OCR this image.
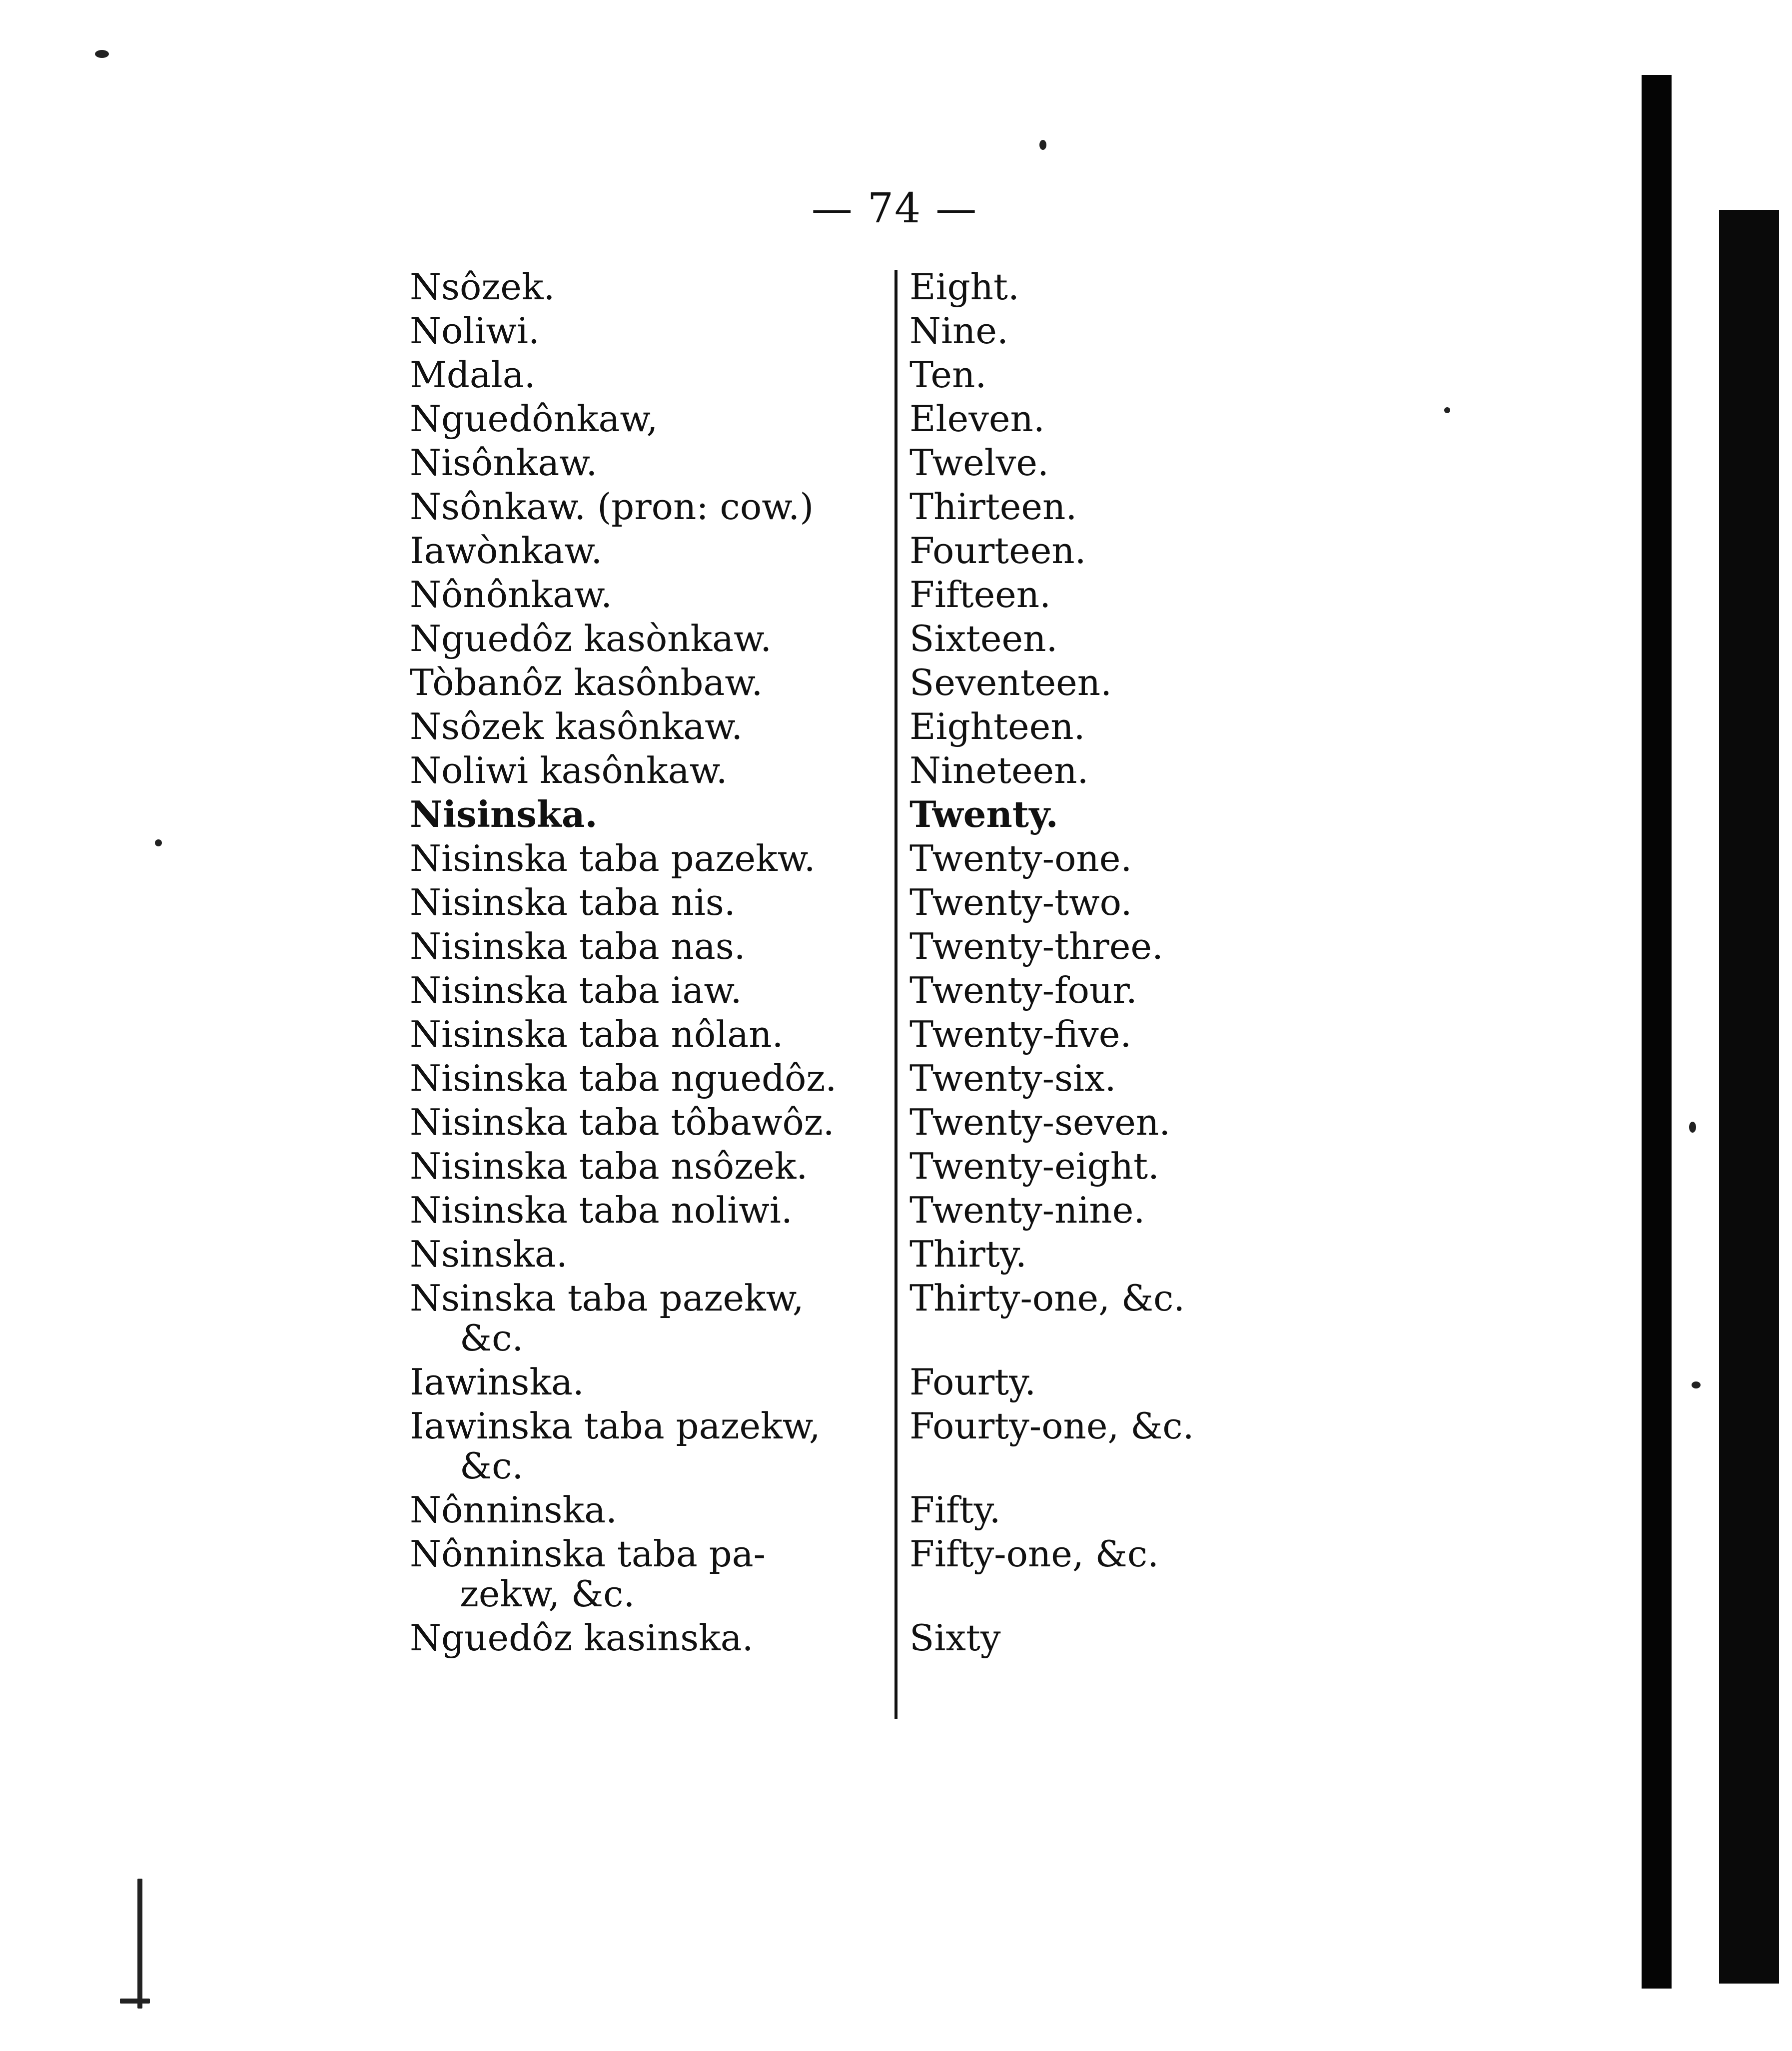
— 74 —
Nsôzek.	Eight.
Noliwi.	Nine.
Mdala.	Ten.
Nguedônkaw,	Eleven.
Nisônkaw.	Twelve.
Nsônkaw. (pron: cow.)	Thirteen.
Iawònkaw.	Fourteen.
Nônônkaw.	Fifteen.
Nguedôz kasònkaw.	Sixteen.
Tòbanôz kasônbaw.	Seventeen.
Nsôzek kasônkaw.	Eighteen.
Noliwi kasônkaw.	Nineteen.
Nisinska.	Twenty.
Nisinska taba pazekw.	Twenty-one.
Nisinska taba nis.	Twenty-two.
Nisinska taba nas.	Twenty-three.
Nisinska taba iaw.	Twenty-four.
Nisinska taba nôlan.	Twenty-five.
Nisinska taba nguedôz.	Twenty-six.
Nisinska taba tôbawôz.	Twenty-seven.
Nisinska taba nsôzek.	Twenty-eight.
Nisinska taba noliwi.	Twenty-nine.
Nsinska.	Thirty.
Nsinska taba pazekw,	Thirty-one, &c.
&c.
Iawinska.	Fourty.
Iawinska taba pazekw,	Fourty-one, &c.
&c.
Nônninska.	Fifty.
Nônninska taba pa-	Fifty-one, &c.
zekw, &c.
Nguedôz kasinska.	Sixty
